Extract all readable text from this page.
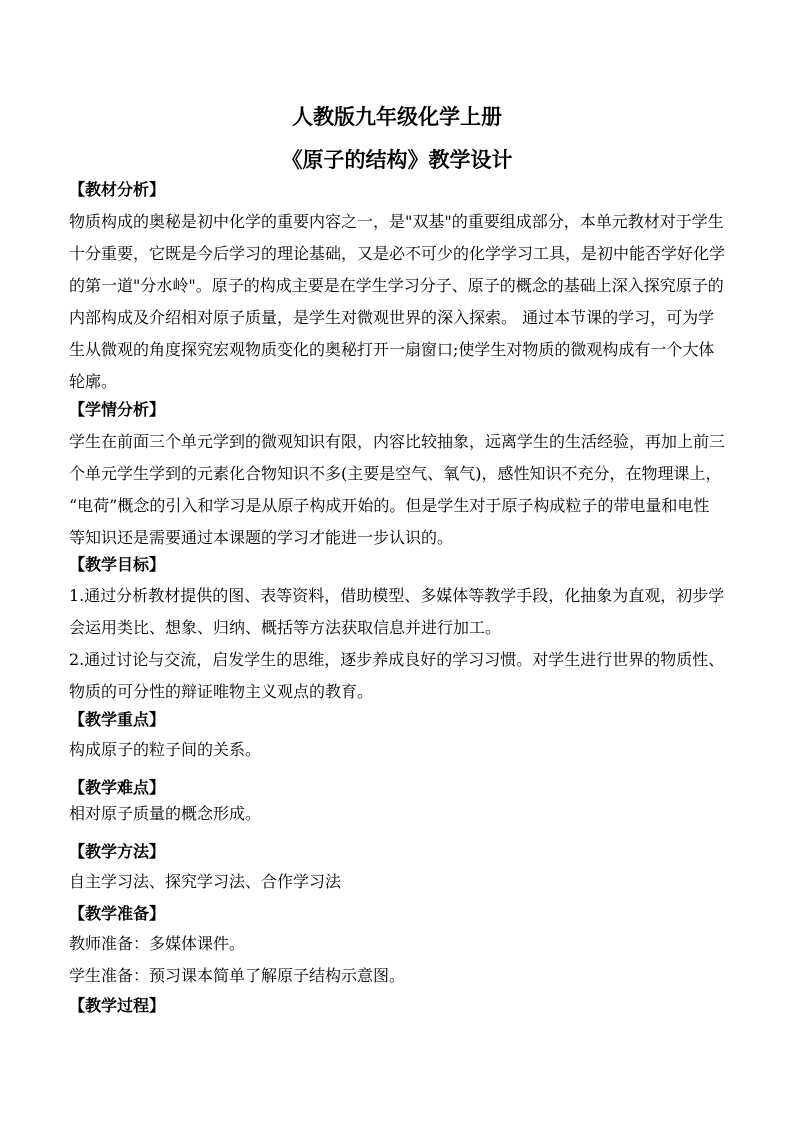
人教版九年级化学上册
《原子的结构》教学设计

【教材分析】

物质构成的奥秘是初中化学的重要内容之一，是"双基"的重要组成部分，本单元教材对于学生
十分重要，它既是今后学习的理论基础，又是必不可少的化学学习工具，是初中能否学好化学
的第一道"分水岭"。原子的构成主要是在学生学习分子、原子的概念的基础上深入探究原子的
内部构成及介绍相对原子质量，是学生对微观世界的深入探索。 通过本节课的学习，可为学
生从微观的角度探究宏观物质变化的奥秘打开一扇窗口;使学生对物质的微观构成有一个大体
轮廓。

【学情分析】

学生在前面三个单元学到的微观知识有限，内容比较抽象，远离学生的生活经验，再加上前三
个单元学生学到的元素化合物知识不多(主要是空气、氧气)，感性知识不充分，在物理课上，
“电荷”概念的引入和学习是从原子构成开始的。但是学生对于原子构成粒子的带电量和电性
等知识还是需要通过本课题的学习才能进一步认识的。

【教学目标】

1.通过分析教材提供的图、表等资料，借助模型、多媒体等教学手段，化抽象为直观，初步学
会运用类比、想象、归纳、概括等方法获取信息并进行加工。
2.通过讨论与交流，启发学生的思维，逐步养成良好的学习习惯。对学生进行世界的物质性、
物质的可分性的辩证唯物主义观点的教育。

【教学重点】

构成原子的粒子间的关系。

【教学难点】

相对原子质量的概念形成。

【教学方法】

自主学习法、探究学习法、合作学习法

【教学准备】

教师准备：多媒体课件。
学生准备：预习课本简单了解原子结构示意图。

【教学过程】
